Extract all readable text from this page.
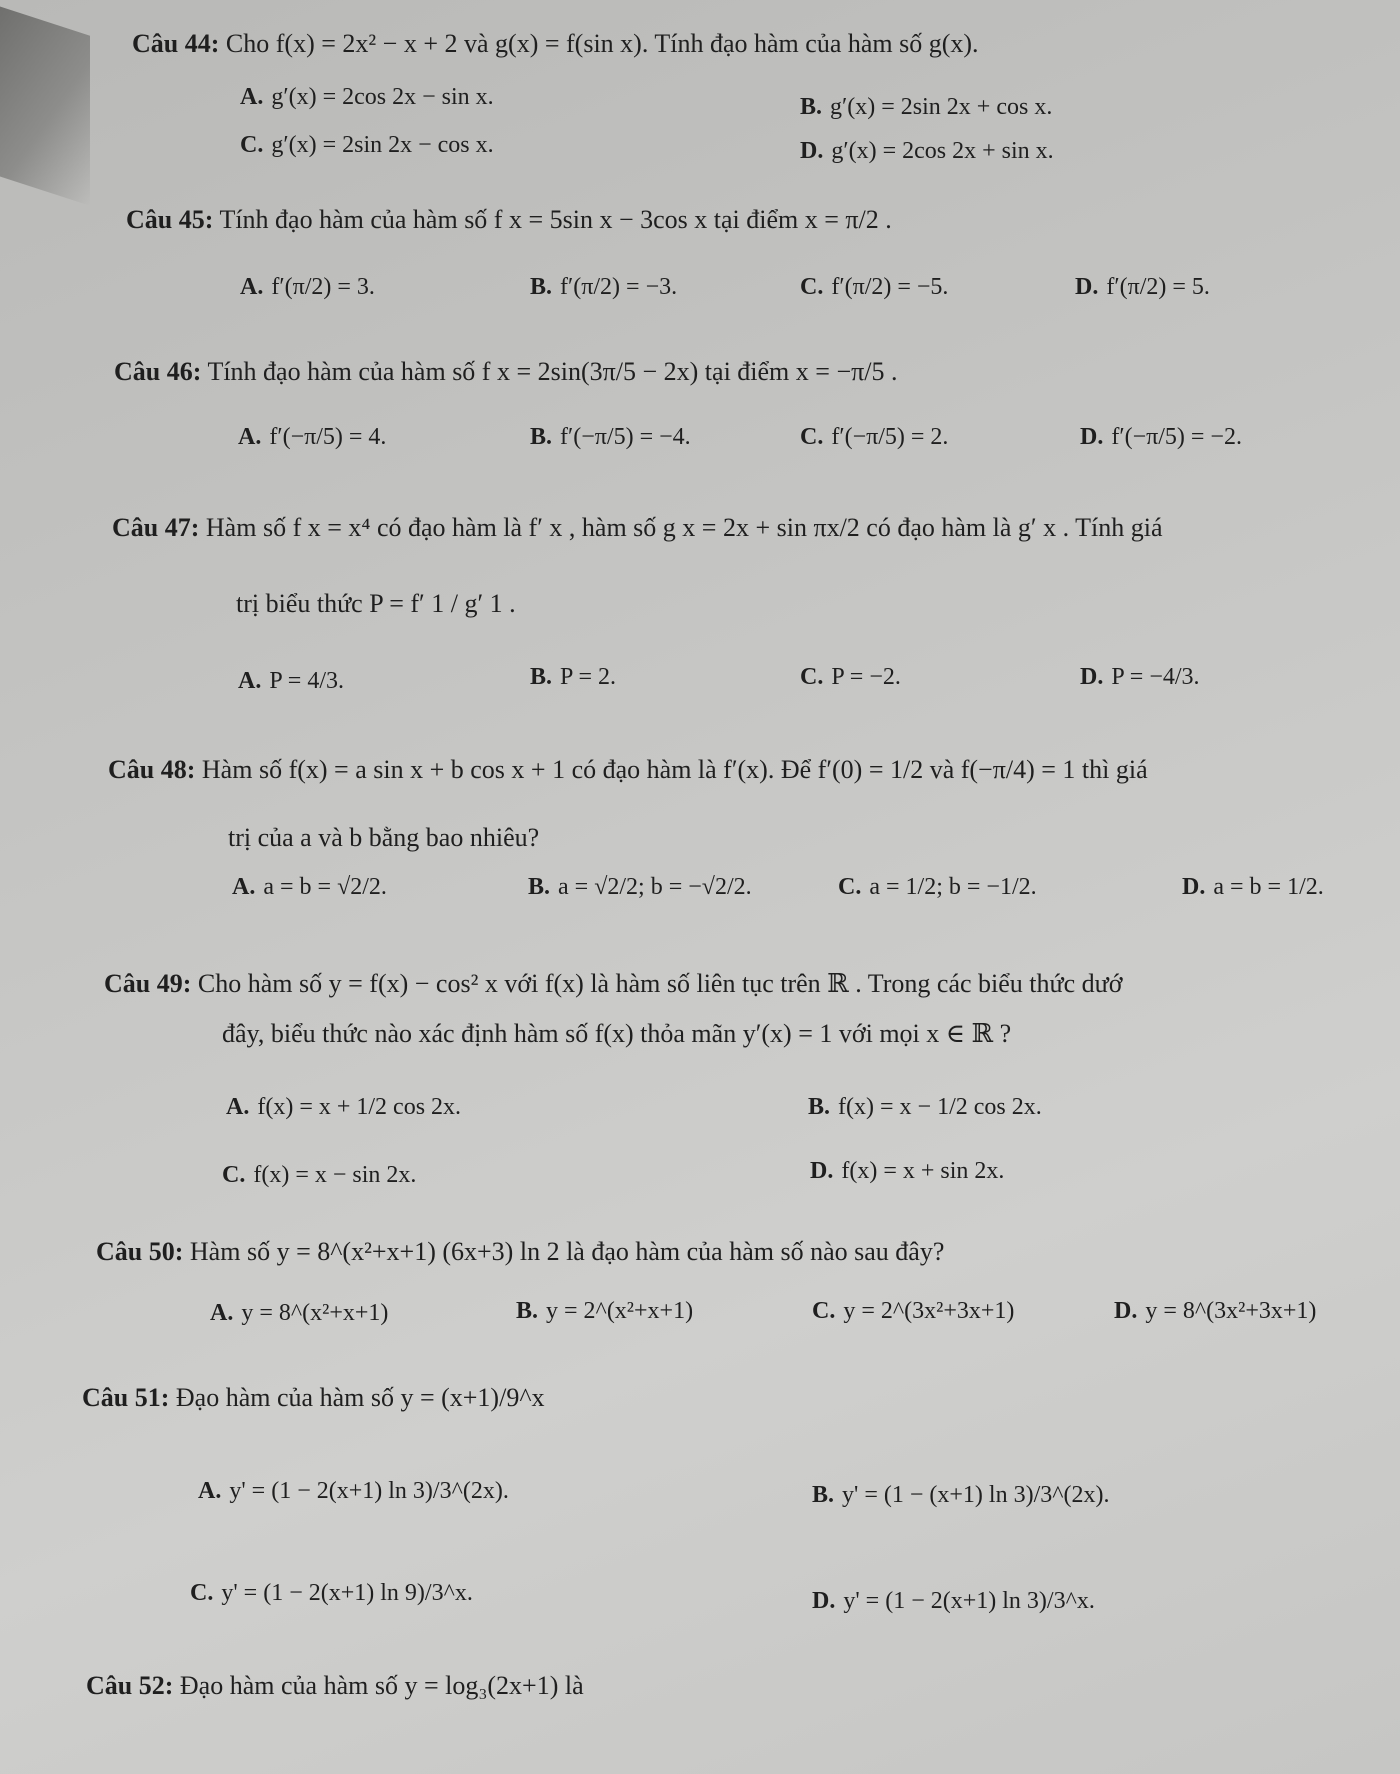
Câu 44: Cho f(x) = 2x² − x + 2 và g(x) = f(sin x). Tính đạo hàm của hàm số g(x).
A. g′(x) = 2cos 2x − sin x.	B. g′(x) = 2sin 2x + cos x.
C. g′(x) = 2sin 2x − cos x.	D. g′(x) = 2cos 2x + sin x.
Câu 45: Tính đạo hàm của hàm số f x = 5sin x − 3cos x tại điểm x = π/2 .
A. f′(π/2) = 3.	B. f′(π/2) = −3.	C. f′(π/2) = −5.	D. f′(π/2) = 5.
Câu 46: Tính đạo hàm của hàm số f x = 2sin(3π/5 − 2x) tại điểm x = −π/5 .
A. f′(−π/5) = 4.	B. f′(−π/5) = −4.	C. f′(−π/5) = 2.	D. f′(−π/5) = −2.
Câu 47: Hàm số f x = x⁴ có đạo hàm là f′ x , hàm số g x = 2x + sin πx/2 có đạo hàm là g′ x . Tính giá
trị biểu thức P = f′ 1 / g′ 1 .
A. P = 4/3.	B. P = 2.	C. P = −2.	D. P = −4/3.
Câu 48: Hàm số f(x) = a sin x + b cos x + 1 có đạo hàm là f′(x). Để f′(0) = 1/2 và f(−π/4) = 1 thì giá
trị của a và b bằng bao nhiêu?
A. a = b = √2/2.	B. a = √2/2; b = −√2/2.	C. a = 1/2; b = −1/2.	D. a = b = 1/2.
Câu 49: Cho hàm số y = f(x) − cos² x với f(x) là hàm số liên tục trên ℝ . Trong các biểu thức dướ
đây, biểu thức nào xác định hàm số f(x) thỏa mãn y′(x) = 1 với mọi x ∈ ℝ ?
A. f(x) = x + 1/2 cos 2x.	B. f(x) = x − 1/2 cos 2x.
C. f(x) = x − sin 2x.	D. f(x) = x + sin 2x.
Câu 50: Hàm số y = 8^(x²+x+1) (6x+3) ln 2 là đạo hàm của hàm số nào sau đây?
A. y = 8^(x²+x+1)	B. y = 2^(x²+x+1)	C. y = 2^(3x²+3x+1)	D. y = 8^(3x²+3x+1)
Câu 51: Đạo hàm của hàm số y = (x+1)/9^x
A. y' = (1 − 2(x+1) ln 3)/3^(2x).	B. y' = (1 − (x+1) ln 3)/3^(2x).
C. y' = (1 − 2(x+1) ln 9)/3^x.	D. y' = (1 − 2(x+1) ln 3)/3^x.
Câu 52: Đạo hàm của hàm số y = log₃(2x+1) là
